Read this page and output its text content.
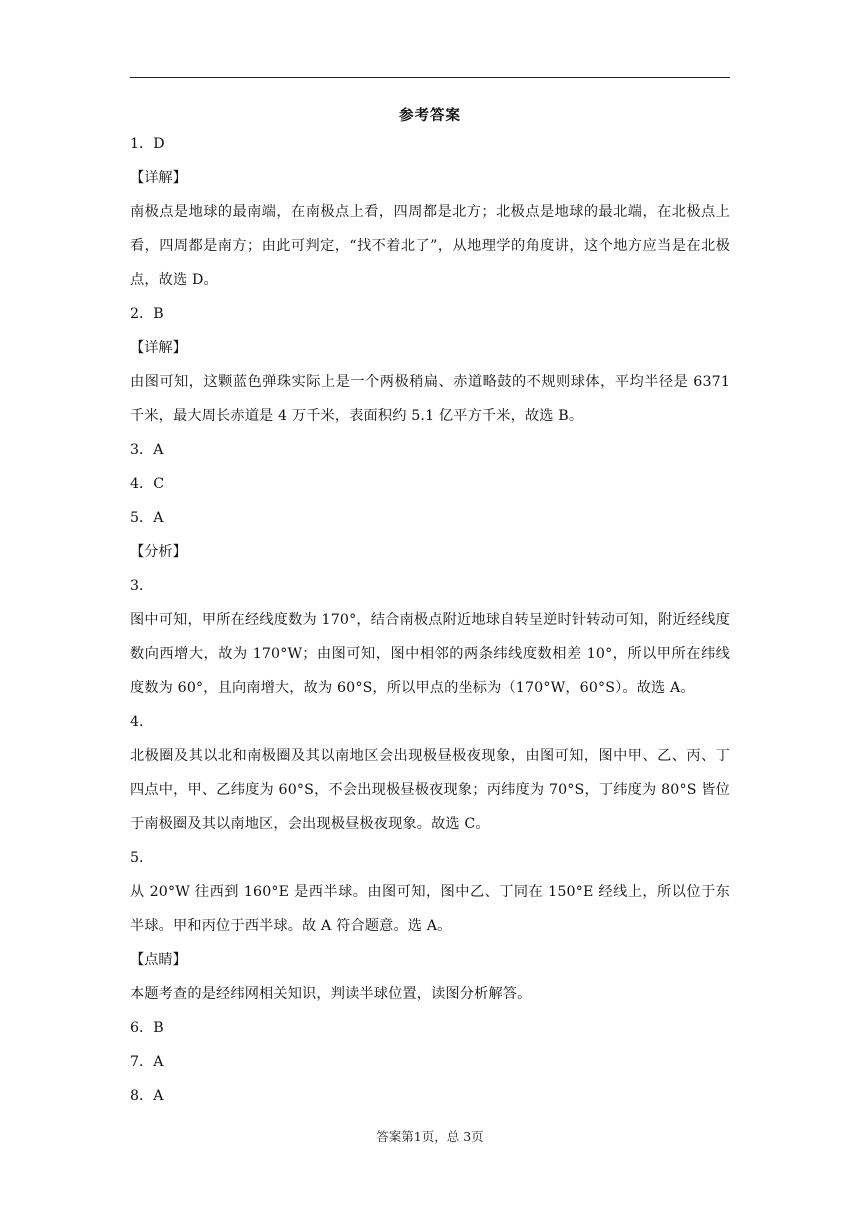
参考答案
1．D
【详解】
南极点是地球的最南端，在南极点上看，四周都是北方；北极点是地球的最北端，在北极点上看，四周都是南方；由此可判定，“找不着北了”，从地理学的角度讲，这个地方应当是在北极点，故选 D。
2．B
【详解】
由图可知，这颗蓝色弹珠实际上是一个两极稍扁、赤道略鼓的不规则球体，平均半径是 6371 千米，最大周长赤道是 4 万千米，表面积约 5.1 亿平方千米，故选 B。
3．A
4．C
5．A
【分析】
3．
图中可知，甲所在经线度数为 170°，结合南极点附近地球自转呈逆时针转动可知，附近经线度数向西增大，故为 170°W；由图可知，图中相邻的两条纬线度数相差 10°，所以甲所在纬线度数为 60°，且向南增大，故为 60°S，所以甲点的坐标为（170°W，60°S）。故选 A。
4．
北极圈及其以北和南极圈及其以南地区会出现极昼极夜现象，由图可知，图中甲、乙、丙、丁四点中，甲、乙纬度为 60°S，不会出现极昼极夜现象；丙纬度为 70°S，丁纬度为 80°S 皆位于南极圈及其以南地区，会出现极昼极夜现象。故选 C。
5．
从 20°W 往西到 160°E 是西半球。由图可知，图中乙、丁同在 150°E 经线上，所以位于东半球。甲和丙位于西半球。故 A 符合题意。选 A。
【点睛】
本题考查的是经纬网相关知识，判读半球位置，读图分析解答。
6．B
7．A
8．A
答案第1页，总 3页
